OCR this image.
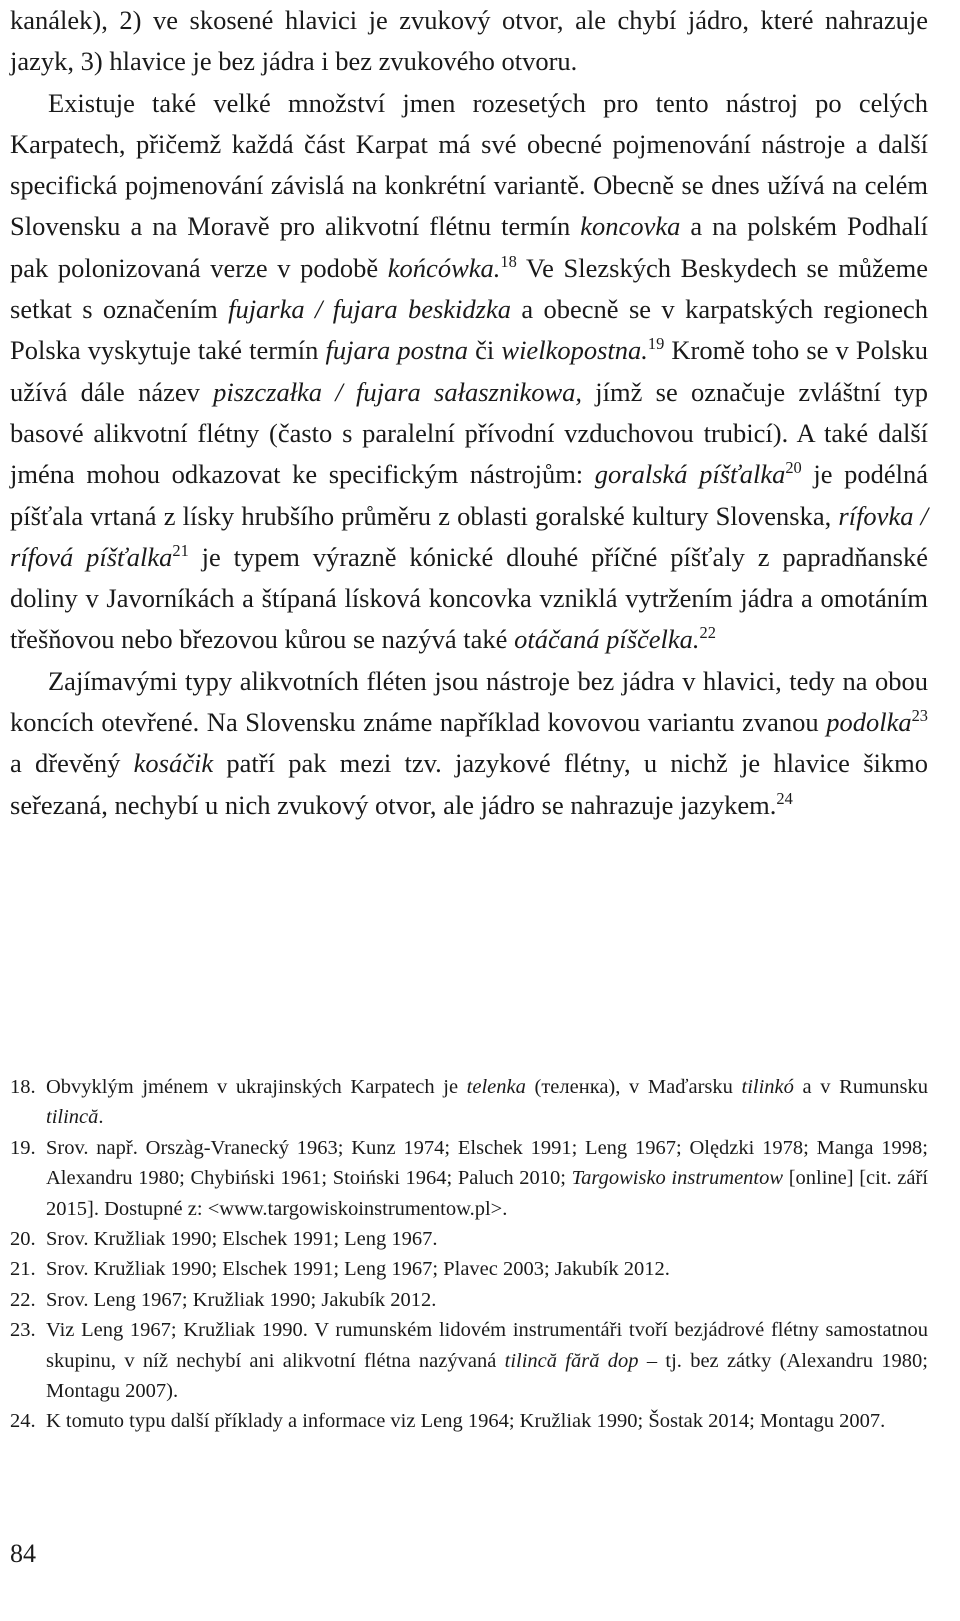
kanálek), 2) ve skosené hlavici je zvukový otvor, ale chybí jádro, které nahrazuje jazyk, 3) hlavice je bez jádra i bez zvukového otvoru.

Existuje také velké množství jmen rozesetých pro tento nástroj po celých Karpatech, přičemž každá část Karpat má své obecné pojmenování nástroje a další specifická pojmenování závislá na konkrétní variantě. Obecně se dnes užívá na celém Slovensku a na Moravě pro alikvotní flétnu termín koncovka a na polském Podhalí pak polonizovaná verze v podobě końcówka.$^{18}$ Ve Slezských Beskydech se můžeme setkat s označením fujarka / fujara beskidzka a obecně se v karpatských regionech Polska vyskytuje také termín fujara postna či wielkopostna.$^{19}$ Kromě toho se v Polsku užívá dále název piszczałka / fujara sałasznikowa, jímž se označuje zvláštní typ basové alikvotní flétny (často s paralelní přívodní vzduchovou trubicí). A také další jména mohou odkazovat ke specifickým nástrojům: goralská píšťalka$^{20}$ je podélná píšťala vrtaná z lísky hrubšího průměru z oblasti goralské kultury Slovenska, rífovka / rífová píšťalka$^{21}$ je typem výrazně kónické dlouhé příčné píšťaly z papradňanské doliny v Javorníkách a štípaná lísková koncovka vzniklá vytržením jádra a omotáním třešňovou nebo březovou kůrou se nazývá také otáčaná píščelka.$^{22}$

Zajímavými typy alikvotních fléten jsou nástroje bez jádra v hlavici, tedy na obou koncích otevřené. Na Slovensku známe například kovovou variantu zvanou podolka$^{23}$ a dřevěný kosáčik patří pak mezi tzv. jazykové flétny, u nichž je hlavice šikmo seřezaná, nechybí u nich zvukový otvor, ale jádro se nahrazuje jazykem.$^{24}$

18. Obvyklým jménem v ukrajinských Karpatech je telenka (теленка), v Maďarsku tilinkó a v Rumunsku tilincă.
19. Srov. např. Orszàg-Vranecký 1963; Kunz 1974; Elschek 1991; Leng 1967; Olędzki 1978; Manga 1998; Alexandru 1980; Chybiński 1961; Stoiński 1964; Paluch 2010; Targowisko instrumentow [online] [cit. září 2015]. Dostupné z: <www.targowiskoinstrumentow.pl>.
20. Srov. Kružliak 1990; Elschek 1991; Leng 1967.
21. Srov. Kružliak 1990; Elschek 1991; Leng 1967; Plavec 2003; Jakubík 2012.
22. Srov. Leng 1967; Kružliak 1990; Jakubík 2012.
23. Viz Leng 1967; Kružliak 1990. V rumunském lidovém instrumentáři tvoří bezjádrové flétny samostatnou skupinu, v níž nechybí ani alikvotní flétna nazývaná tilincă fără dop – tj. bez zátky (Alexandru 1980; Montagu 2007).
24. K tomuto typu další příklady a informace viz Leng 1964; Kružliak 1990; Šostak 2014; Montagu 2007.
84
